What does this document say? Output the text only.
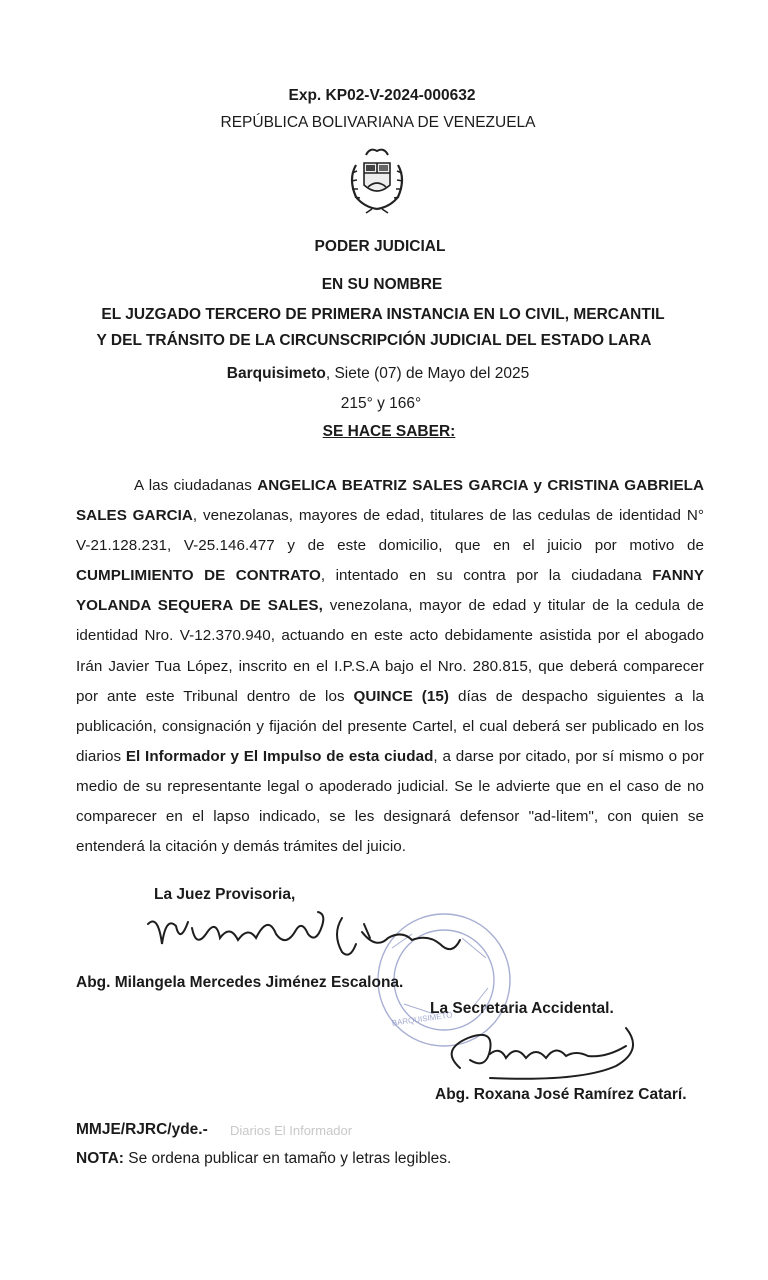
Exp. KP02-V-2024-000632
REPÚBLICA BOLIVARIANA DE VENEZUELA
PODER JUDICIAL
EN SU NOMBRE
EL JUZGADO TERCERO DE PRIMERA INSTANCIA EN LO CIVIL, MERCANTIL
Y DEL TRÁNSITO DE LA CIRCUNSCRIPCIÓN JUDICIAL DEL ESTADO LARA
Barquisimeto, Siete (07) de Mayo del 2025
215° y 166°
SE HACE SABER:

A las ciudadanas ANGELICA BEATRIZ SALES GARCIA y CRISTINA GABRIELA SALES GARCIA, venezolanas, mayores de edad, titulares de las cedulas de identidad N° V-21.128.231, V-25.146.477 y de este domicilio, que en el juicio por motivo de CUMPLIMIENTO DE CONTRATO, intentado en su contra por la ciudadana FANNY YOLANDA SEQUERA DE SALES, venezolana, mayor de edad y titular de la cedula de identidad Nro. V-12.370.940, actuando en este acto debidamente asistida por el abogado Irán Javier Tua López, inscrito en el I.P.S.A bajo el Nro. 280.815, que deberá comparecer por ante este Tribunal dentro de los QUINCE (15) días de despacho siguientes a la publicación, consignación y fijación del presente Cartel, el cual deberá ser publicado en los diarios El Informador y El Impulso de esta ciudad, a darse por citado, por sí mismo o por medio de su representante legal o apoderado judicial. Se le advierte que en el caso de no comparecer en el lapso indicado, se les designará defensor "ad-litem", con quien se entenderá la citación y demás trámites del juicio.

La Juez Provisoria,
BARQUISIMETO
Abg. Milangela Mercedes Jiménez Escalona.
La Secretaria Accidental.
Abg. Roxana José Ramírez Catarí.
MMJE/RJRC/yde.- Diarios El Informador
NOTA: Se ordena publicar en tamaño y letras legibles.
